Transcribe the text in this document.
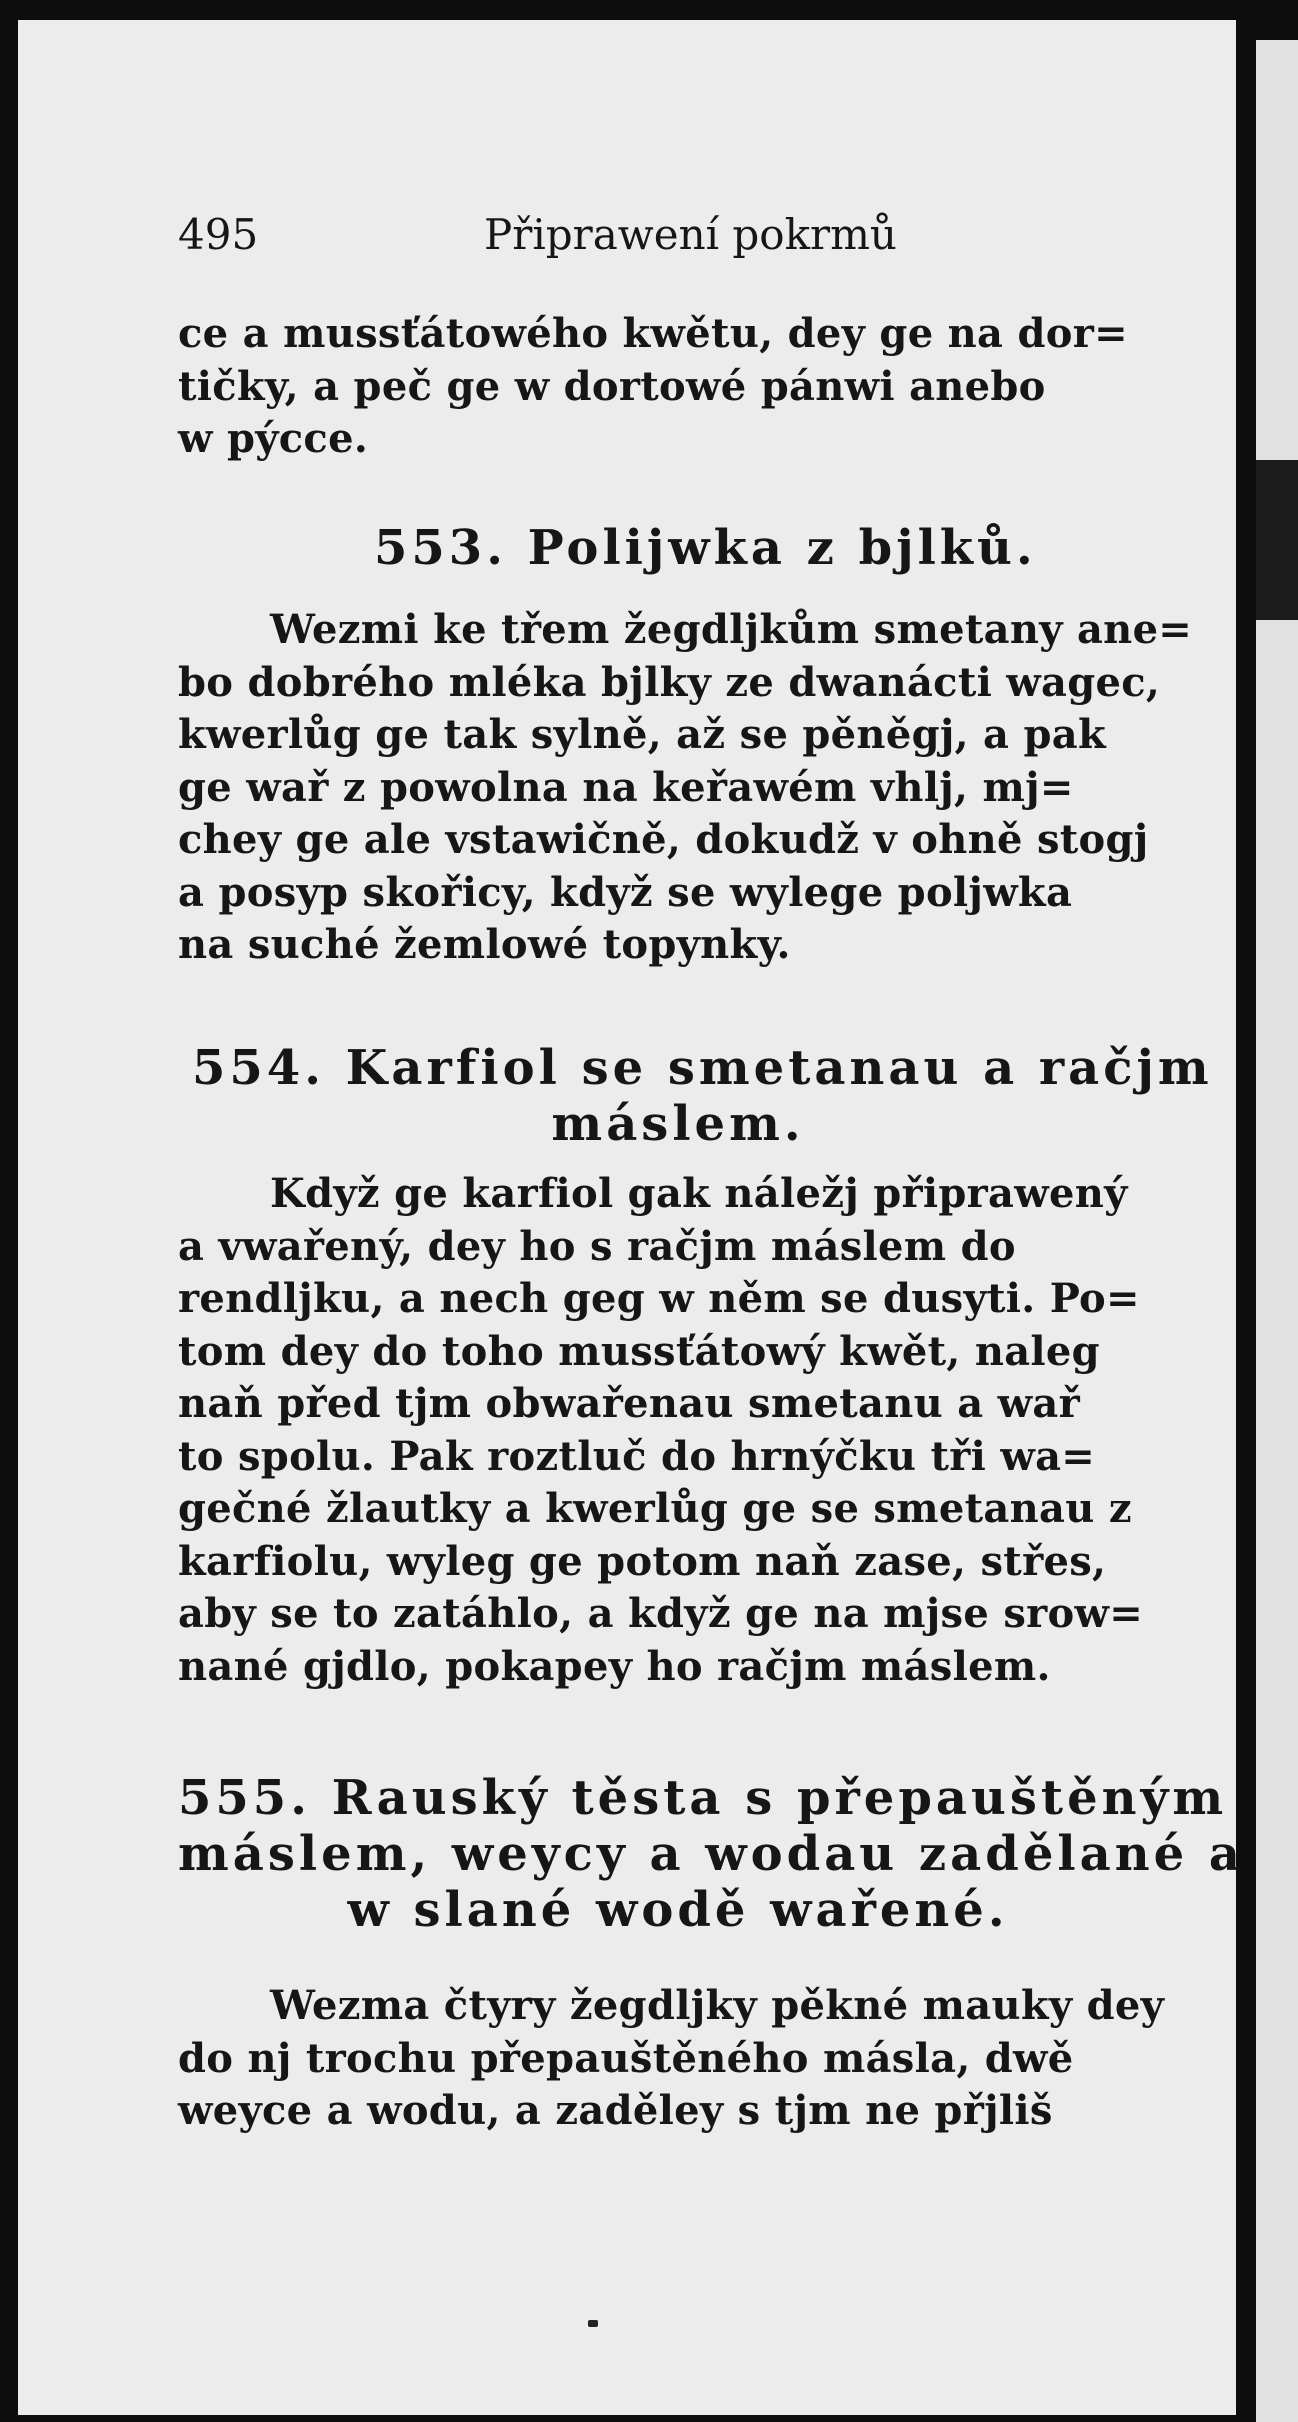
495	Připrawení pokrmů
ce a mussťátowého kwětu, dey ge na dor=
tičky, a peč ge w dortowé pánwi anebo
w pýcce.
553. Polijwka z bjlků.
Wezmi ke třem žegdljkům smetany ane=
bo dobrého mléka bjlky ze dwanácti wagec,
kwerlůg ge tak sylně, až se pěněgj, a pak
ge wař z powolna na keřawém vhlj, mj=
chey ge ale vstawičně, dokudž v ohně stogj
a posyp skořicy, když se wylege poljwka
na suché žemlowé topynky.
554. Karfiol se smetanau a račjm
máslem.
Když ge karfiol gak náležj připrawený
a vwařený, dey ho s račjm máslem do
rendljku, a nech geg w něm se dusyti. Po=
tom dey do toho mussťátowý kwět, naleg
naň před tjm obwařenau smetanu a wař
to spolu. Pak roztluč do hrnýčku tři wa=
gečné žlautky a kwerlůg ge se smetanau z
karfiolu, wyleg ge potom naň zase, střes,
aby se to zatáhlo, a když ge na mjse srow=
nané gjdlo, pokapey ho račjm máslem.
555. Rauský těsta s přepauštěným
máslem, weycy a wodau zadělané a
w slané wodě wařené.
Wezma čtyry žegdljky pěkné mauky dey
do nj trochu přepauštěného másla, dwě
weyce a wodu, a zaděley s tjm ne přjliš
